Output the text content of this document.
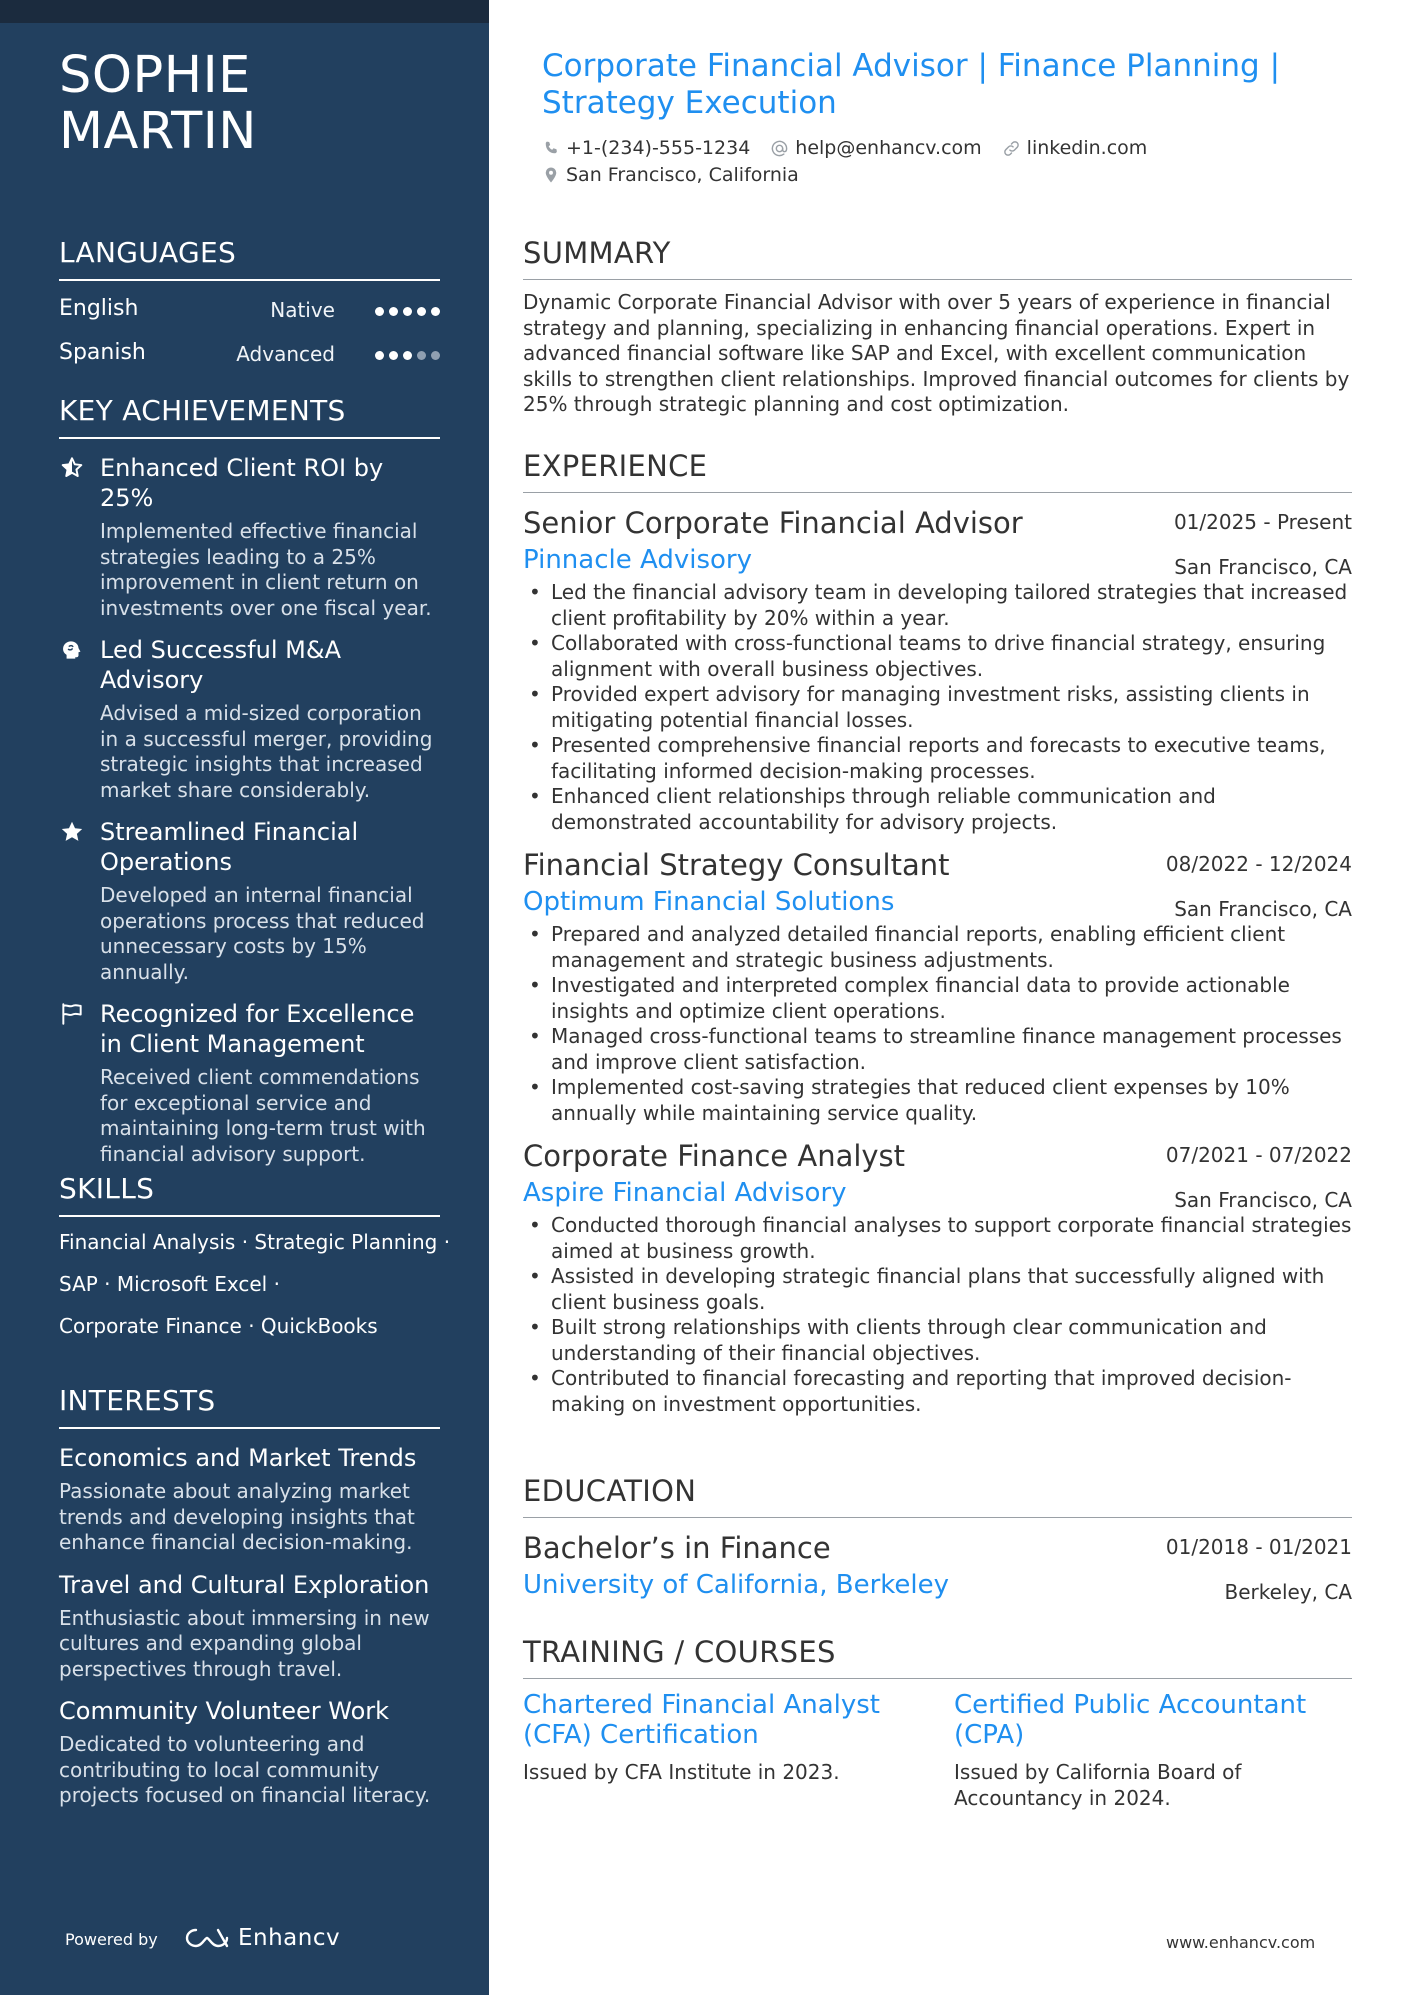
SOPHIE
MARTIN
LANGUAGES
English	Native
Spanish	Advanced
KEY ACHIEVEMENTS
Enhanced Client ROI by 25%
Implemented effective financial strategies leading to a 25% improvement in client return on investments over one fiscal year.
Led Successful M&A Advisory
Advised a mid-sized corporation in a successful merger, providing strategic insights that increased market share considerably.
Streamlined Financial Operations
Developed an internal financial operations process that reduced unnecessary costs by 15% annually.
Recognized for Excellence in Client Management
Received client commendations for exceptional service and maintaining long-term trust with financial advisory support.
SKILLS
Financial Analysis · Strategic Planning ·
SAP · Microsoft Excel ·
Corporate Finance · QuickBooks
INTERESTS
Economics and Market Trends
Passionate about analyzing market trends and developing insights that enhance financial decision-making.
Travel and Cultural Exploration
Enthusiastic about immersing in new cultures and expanding global perspectives through travel.
Community Volunteer Work
Dedicated to volunteering and contributing to local community projects focused on financial literacy.
Powered by	Enhancv
Corporate Financial Advisor | Finance Planning | Strategy Execution
+1-(234)-555-1234 help@enhancv.com linkedin.com
San Francisco, California
SUMMARY
Dynamic Corporate Financial Advisor with over 5 years of experience in financial strategy and planning, specializing in enhancing financial operations. Expert in advanced financial software like SAP and Excel, with excellent communication skills to strengthen client relationships. Improved financial outcomes for clients by 25% through strategic planning and cost optimization.
EXPERIENCE
Senior Corporate Financial Advisor	01/2025 - Present
Pinnacle Advisory	San Francisco, CA
• Led the financial advisory team in developing tailored strategies that increased client profitability by 20% within a year.
• Collaborated with cross-functional teams to drive financial strategy, ensuring alignment with overall business objectives.
• Provided expert advisory for managing investment risks, assisting clients in mitigating potential financial losses.
• Presented comprehensive financial reports and forecasts to executive teams, facilitating informed decision-making processes.
• Enhanced client relationships through reliable communication and demonstrated accountability for advisory projects.
Financial Strategy Consultant	08/2022 - 12/2024
Optimum Financial Solutions	San Francisco, CA
• Prepared and analyzed detailed financial reports, enabling efficient client management and strategic business adjustments.
• Investigated and interpreted complex financial data to provide actionable insights and optimize client operations.
• Managed cross-functional teams to streamline finance management processes and improve client satisfaction.
• Implemented cost-saving strategies that reduced client expenses by 10% annually while maintaining service quality.
Corporate Finance Analyst	07/2021 - 07/2022
Aspire Financial Advisory	San Francisco, CA
• Conducted thorough financial analyses to support corporate financial strategies aimed at business growth.
• Assisted in developing strategic financial plans that successfully aligned with client business goals.
• Built strong relationships with clients through clear communication and understanding of their financial objectives.
• Contributed to financial forecasting and reporting that improved decision-making on investment opportunities.
EDUCATION
Bachelor’s in Finance	01/2018 - 01/2021
University of California, Berkeley	Berkeley, CA
TRAINING / COURSES
Chartered Financial Analyst (CFA) Certification
Issued by CFA Institute in 2023.
Certified Public Accountant (CPA)
Issued by California Board of Accountancy in 2024.
www.enhancv.com
